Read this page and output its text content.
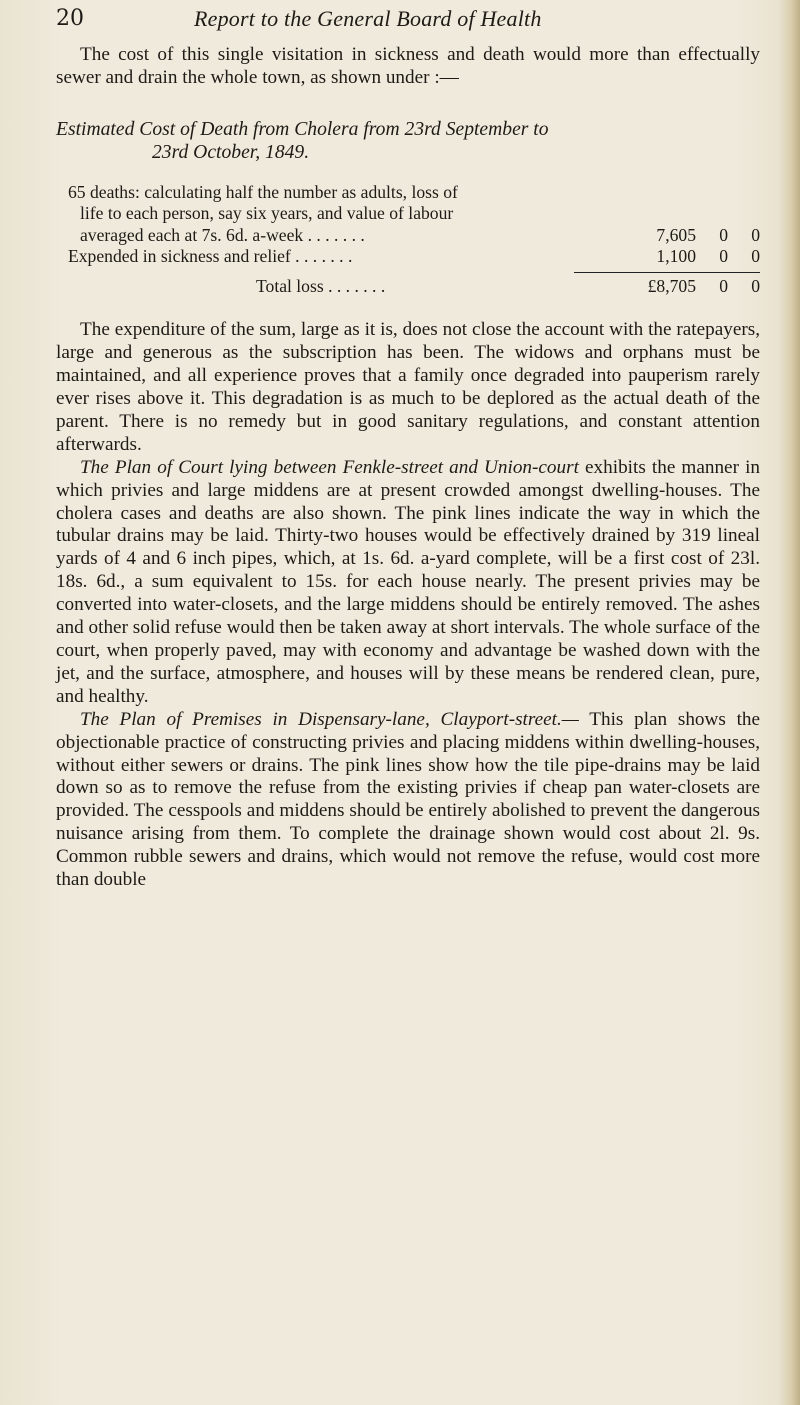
20	Report to the General Board of Health

The cost of this single visitation in sickness and death would more than effectually sewer and drain the whole town, as shown under :—

Estimated Cost of Death from Cholera from 23rd September to
23rd October, 1849.
65 deaths: calculating half the number as adults, loss of
life to each person, say six years, and value of labour
averaged each at 7s. 6d. a-week . . . . . . .	7,605	0	0
Expended in sickness and relief . . . . . . .	1,100	0	0
Total loss . . . . . . .	£8,705	0	0

The expenditure of the sum, large as it is, does not close the account with the ratepayers, large and generous as the subscription has been. The widows and orphans must be maintained, and all experience proves that a family once degraded into pauperism rarely ever rises above it. This degradation is as much to be deplored as the actual death of the parent. There is no remedy but in good sanitary regulations, and constant attention afterwards.

The Plan of Court lying between Fenkle-street and Union-court exhibits the manner in which privies and large middens are at present crowded amongst dwelling-houses. The cholera cases and deaths are also shown. The pink lines indicate the way in which the tubular drains may be laid. Thirty-two houses would be effectively drained by 319 lineal yards of 4 and 6 inch pipes, which, at 1s. 6d. a-yard complete, will be a first cost of 23l. 18s. 6d., a sum equivalent to 15s. for each house nearly. The present privies may be converted into water-closets, and the large middens should be entirely removed. The ashes and other solid refuse would then be taken away at short intervals. The whole surface of the court, when properly paved, may with economy and advantage be washed down with the jet, and the surface, atmosphere, and houses will by these means be rendered clean, pure, and healthy.

The Plan of Premises in Dispensary-lane, Clayport-street.— This plan shows the objectionable practice of constructing privies and placing middens within dwelling-houses, without either sewers or drains. The pink lines show how the tile pipe-drains may be laid down so as to remove the refuse from the existing privies if cheap pan water-closets are provided. The cesspools and middens should be entirely abolished to prevent the dangerous nuisance arising from them. To complete the drainage shown would cost about 2l. 9s. Common rubble sewers and drains, which would not remove the refuse, would cost more than double
